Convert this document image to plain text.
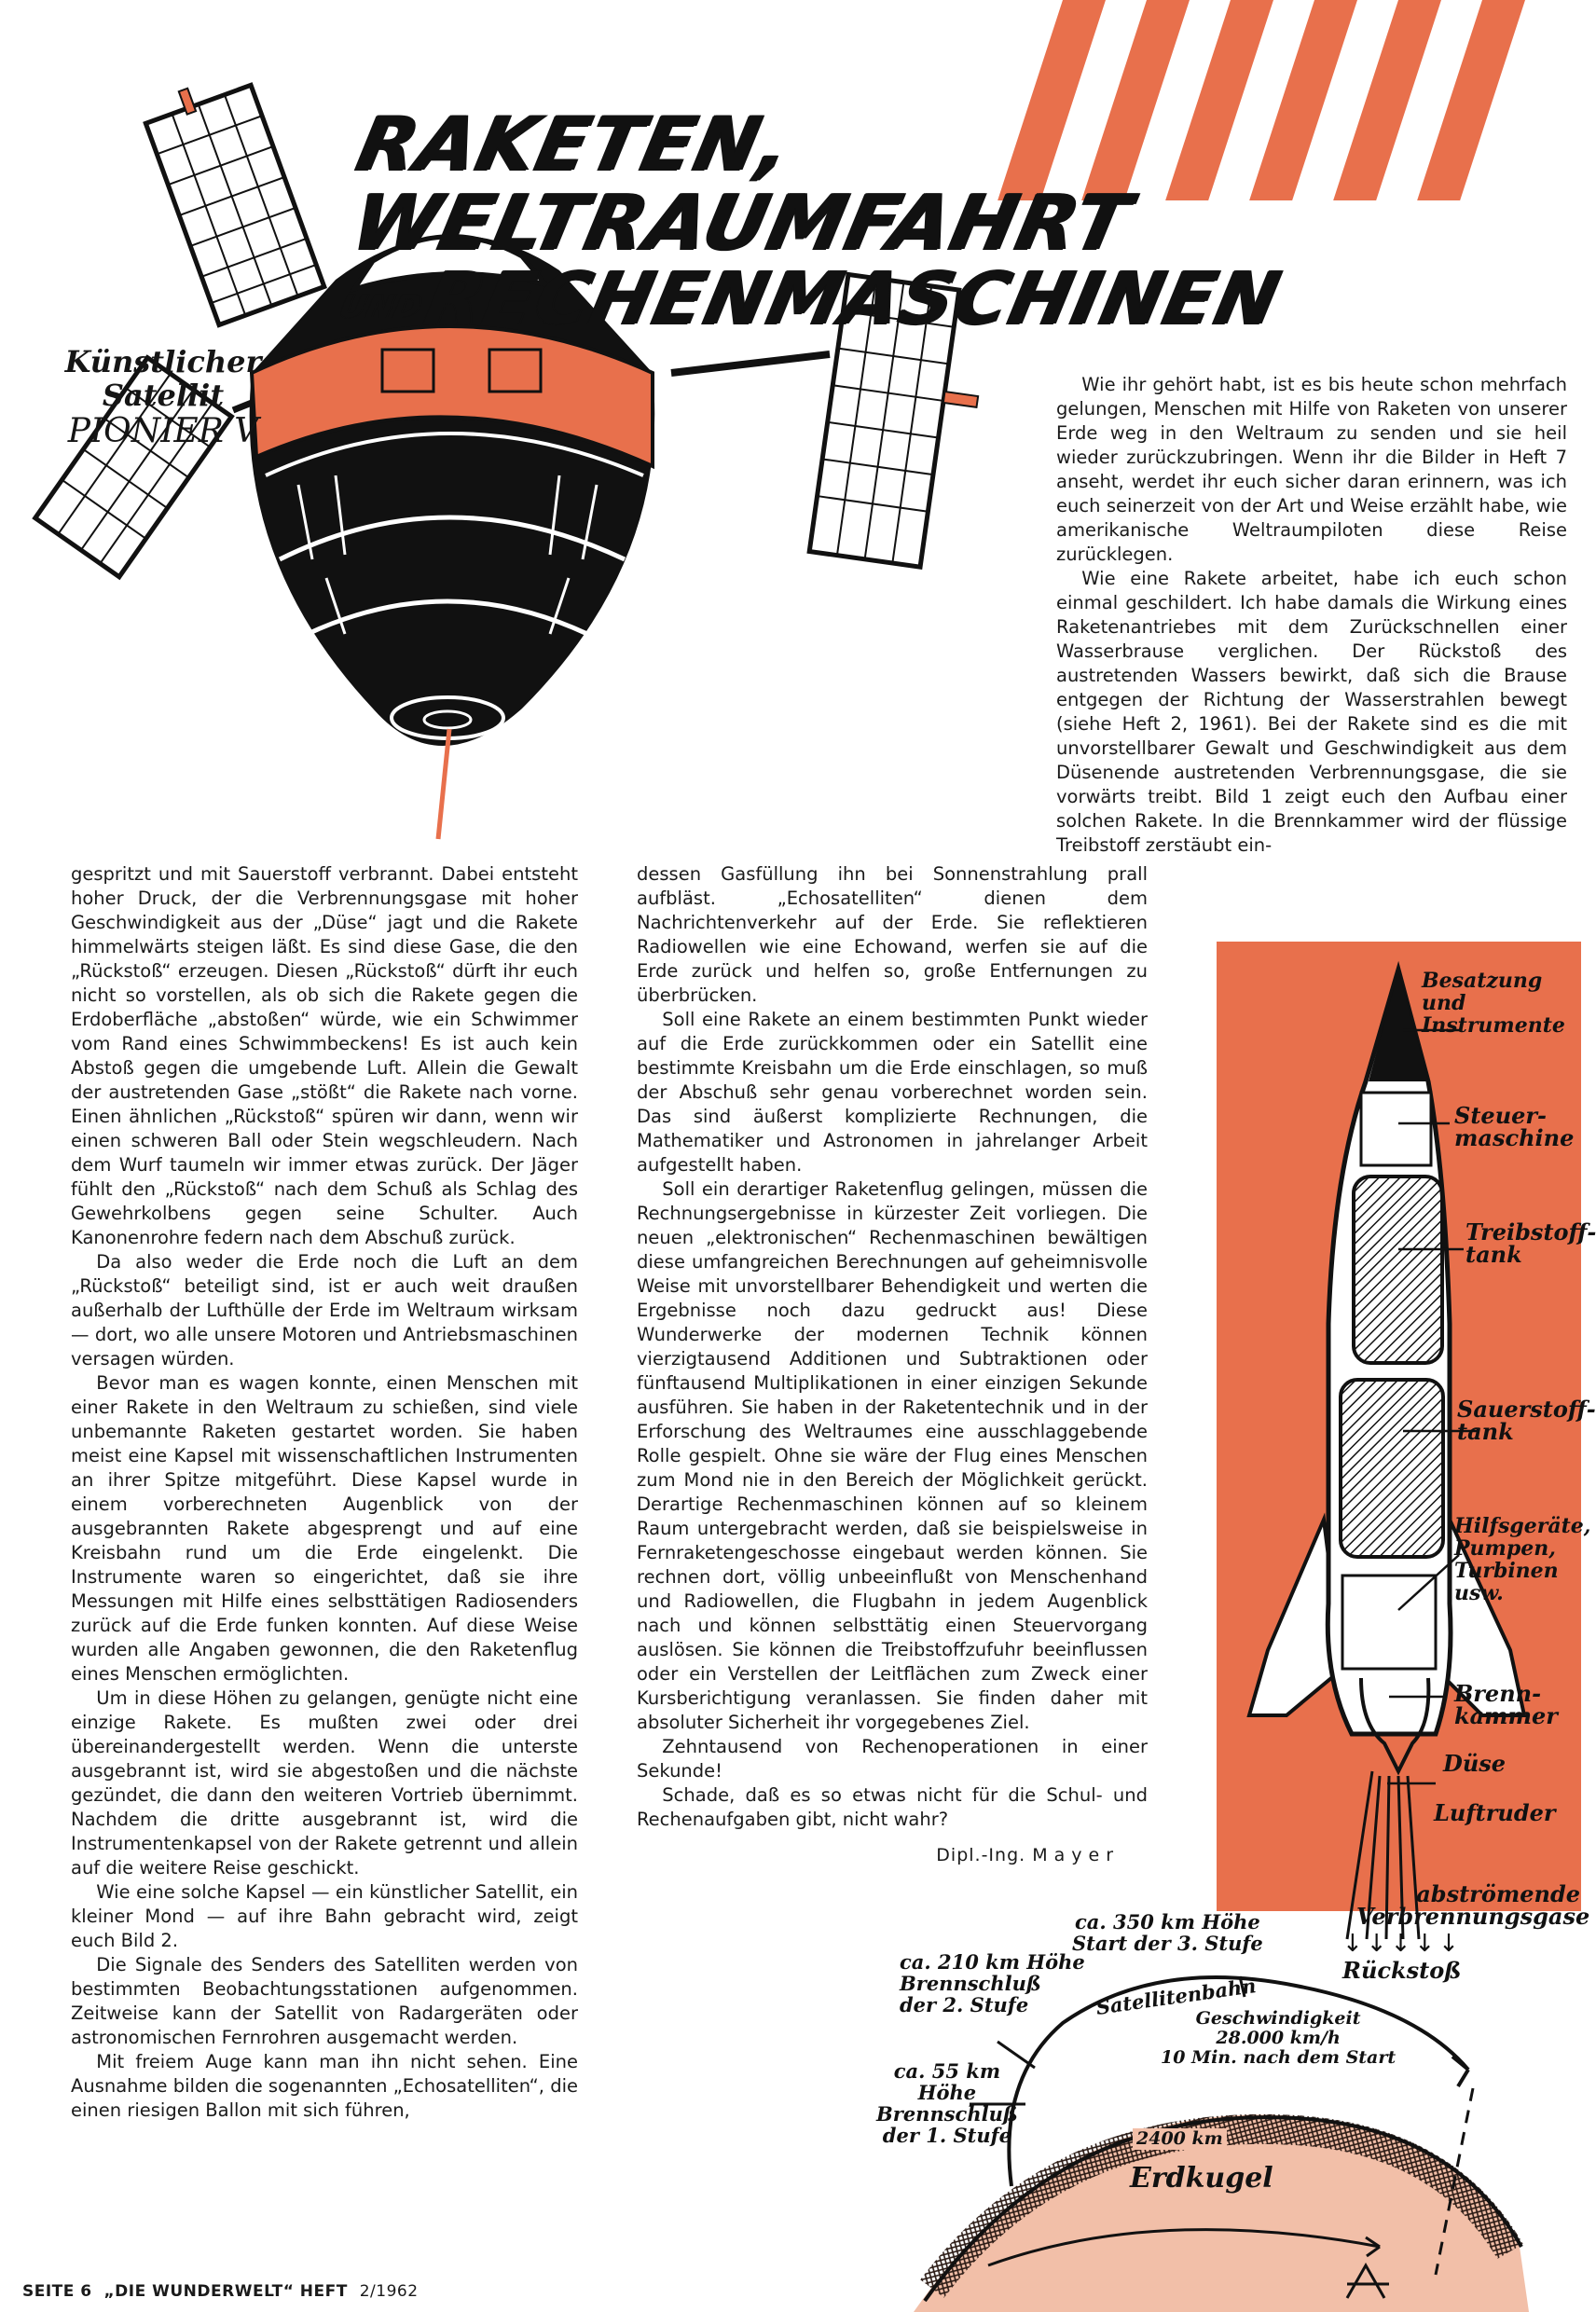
RAKETEN,
WELTRAUMFAHRT
UND
RECHENMASCHINEN
Künstlicher
Satellit
PIONIER V

Wie ihr gehört habt, ist es bis heute schon mehrfach gelungen, Menschen mit Hilfe von Raketen von unserer Erde weg in den Weltraum zu senden und sie heil wieder zurückzubringen. Wenn ihr die Bilder in Heft 7 anseht, werdet ihr euch sicher daran erinnern, was ich euch seinerzeit von der Art und Weise erzählt habe, wie amerikanische Weltraumpiloten diese Reise zurücklegen.

Wie eine Rakete arbeitet, habe ich euch schon einmal geschildert. Ich habe damals die Wirkung eines Raketenantriebes mit dem Zurückschnellen einer Wasserbrause verglichen. Der Rückstoß des austretenden Wassers bewirkt, daß sich die Brause entgegen der Richtung der Wasserstrahlen bewegt (siehe Heft 2, 1961). Bei der Rakete sind es die mit unvorstellbarer Gewalt und Geschwindigkeit aus dem Düsenende austretenden Verbrennungsgase, die sie vorwärts treibt. Bild 1 zeigt euch den Aufbau einer solchen Rakete. In die Brennkammer wird der flüssige Treibstoff zerstäubt ein-

gespritzt und mit Sauerstoff verbrannt. Dabei entsteht hoher Druck, der die Verbrennungsgase mit hoher Geschwindigkeit aus der „Düse“ jagt und die Rakete himmelwärts steigen läßt. Es sind diese Gase, die den „Rückstoß“ erzeugen. Diesen „Rückstoß“ dürft ihr euch nicht so vorstellen, als ob sich die Rakete gegen die Erdoberfläche „abstoßen“ würde, wie ein Schwimmer vom Rand eines Schwimmbeckens! Es ist auch kein Abstoß gegen die umgebende Luft. Allein die Gewalt der austretenden Gase „stößt“ die Rakete nach vorne. Einen ähnlichen „Rückstoß“ spüren wir dann, wenn wir einen schweren Ball oder Stein wegschleudern. Nach dem Wurf taumeln wir immer etwas zurück. Der Jäger fühlt den „Rückstoß“ nach dem Schuß als Schlag des Gewehrkolbens gegen seine Schulter. Auch Kanonenrohre federn nach dem Abschuß zurück.

Da also weder die Erde noch die Luft an dem „Rückstoß“ beteiligt sind, ist er auch weit draußen außerhalb der Lufthülle der Erde im Weltraum wirksam — dort, wo alle unsere Motoren und Antriebsmaschinen versagen würden.

Bevor man es wagen konnte, einen Menschen mit einer Rakete in den Weltraum zu schießen, sind viele unbemannte Raketen gestartet worden. Sie haben meist eine Kapsel mit wissenschaftlichen Instrumenten an ihrer Spitze mitgeführt. Diese Kapsel wurde in einem vorberechneten Augenblick von der ausgebrannten Rakete abgesprengt und auf eine Kreisbahn rund um die Erde eingelenkt. Die Instrumente waren so eingerichtet, daß sie ihre Messungen mit Hilfe eines selbsttätigen Radiosenders zurück auf die Erde funken konnten. Auf diese Weise wurden alle Angaben gewonnen, die den Raketenflug eines Menschen ermöglichten.

Um in diese Höhen zu gelangen, genügte nicht eine einzige Rakete. Es mußten zwei oder drei übereinandergestellt werden. Wenn die unterste ausgebrannt ist, wird sie abgestoßen und die nächste gezündet, die dann den weiteren Vortrieb übernimmt. Nachdem die dritte ausgebrannt ist, wird die Instrumentenkapsel von der Rakete getrennt und allein auf die weitere Reise geschickt.

Wie eine solche Kapsel — ein künstlicher Satellit, ein kleiner Mond — auf ihre Bahn gebracht wird, zeigt euch Bild 2.

Die Signale des Senders des Satelliten werden von bestimmten Beobachtungsstationen aufgenommen. Zeitweise kann der Satellit von Radargeräten oder astronomischen Fernrohren ausgemacht werden.

Mit freiem Auge kann man ihn nicht sehen. Eine Ausnahme bilden die sogenannten „Echosatelliten“, die einen riesigen Ballon mit sich führen,

dessen Gasfüllung ihn bei Sonnenstrahlung prall aufbläst. „Echosatelliten“ dienen dem Nachrichtenverkehr auf der Erde. Sie reflektieren Radiowellen wie eine Echowand, werfen sie auf die Erde zurück und helfen so, große Entfernungen zu überbrücken.

Soll eine Rakete an einem bestimmten Punkt wieder auf die Erde zurückkommen oder ein Satellit eine bestimmte Kreisbahn um die Erde einschlagen, so muß der Abschuß sehr genau vorberechnet worden sein. Das sind äußerst komplizierte Rechnungen, die Mathematiker und Astronomen in jahrelanger Arbeit aufgestellt haben.

Soll ein derartiger Raketenflug gelingen, müssen die Rechnungsergebnisse in kürzester Zeit vorliegen. Die neuen „elektronischen“ Rechenmaschinen bewältigen diese umfangreichen Berechnungen auf geheimnisvolle Weise mit unvorstellbarer Behendigkeit und werten die Ergebnisse noch dazu gedruckt aus! Diese Wunderwerke der modernen Technik können vierzigtausend Additionen und Subtraktionen oder fünftausend Multiplikationen in einer einzigen Sekunde ausführen. Sie haben in der Raketentechnik und in der Erforschung des Weltraumes eine ausschlaggebende Rolle gespielt. Ohne sie wäre der Flug eines Menschen zum Mond nie in den Bereich der Möglichkeit gerückt. Derartige Rechenmaschinen können auf so kleinem Raum untergebracht werden, daß sie beispielsweise in Fernraketengeschosse eingebaut werden können. Sie rechnen dort, völlig unbeeinflußt von Menschenhand und Radiowellen, die Flugbahn in jedem Augenblick nach und können selbsttätig einen Steuervorgang auslösen. Sie können die Treibstoffzufuhr beeinflussen oder ein Verstellen der Leitflächen zum Zweck einer Kursberichtigung veranlassen. Sie finden daher mit absoluter Sicherheit ihr vorgegebenes Ziel.

Zehntausend von Rechenoperationen in einer Sekunde!

Schade, daß es so etwas nicht für die Schul- und Rechenaufgaben gibt, nicht wahr?

Dipl.-Ing. Mayer
Besatzung und Instrumente
Steuer-maschine
Treibstoff-tank
Sauerstoff-tank
Hilfsgeräte, Pumpen, Turbinen usw.
Brenn-kammer
Düse
Luftruder
abströmende Verbrennungsgase
Rückstoß
↓↓↓↓↓
ca. 350 km Höhe
Start der 3. Stufe
ca. 210 km Höhe
Brennschluß
der 2. Stufe
ca. 55 km
Höhe
Brennschluß
der 1. Stufe
Satellitenbahn
Geschwindigkeit
28.000 km/h
10 Min. nach dem Start
2400 km
Erdkugel
SEITE 6 „DIE WUNDERWELT“ HEFT 2/1962
